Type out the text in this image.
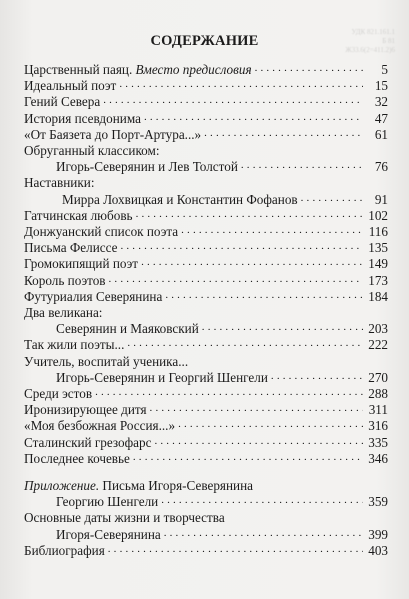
УДК 821.161.1
Б 81
Ж33.6(2=411.2)6
СОДЕРЖАНИЕ
Царственный паяц. Вместо предисловия . . .	5
Идеальный поэт . . .	15
Гений Севера . . .	32
История псевдонима . . .	47
«От Баязета до Порт-Артура...» . . .	61
Обруганный классиком:
Игорь-Северянин и Лев Толстой . . .	76
Наставники:
Мирра Лохвицкая и Константин Фофанов . . .	91
Гатчинская любовь . . .	102
Донжуанский список поэта . . .	116
Письма Фелиссе . . .	135
Громокипящий поэт . . .	149
Король поэтов . . .	173
Футуриалия Северянина . . .	184
Два великана:
Северянин и Маяковский . . .	203
Так жили поэты... . . .	222
Учитель, воспитай ученика...
Игорь-Северянин и Георгий Шенгели . . .	270
Среди эстов . . .	288
Иронизирующее дитя . . .	311
«Моя безбожная Россия...» . . .	316
Сталинский грезофарс . . .	335
Последнее кочевье . . .	346
Приложение. Письма Игоря-Северянина
Георгию Шенгели . . .	359
Основные даты жизни и творчества
Игоря-Северянина . . .	399
Библиография . . .	403
